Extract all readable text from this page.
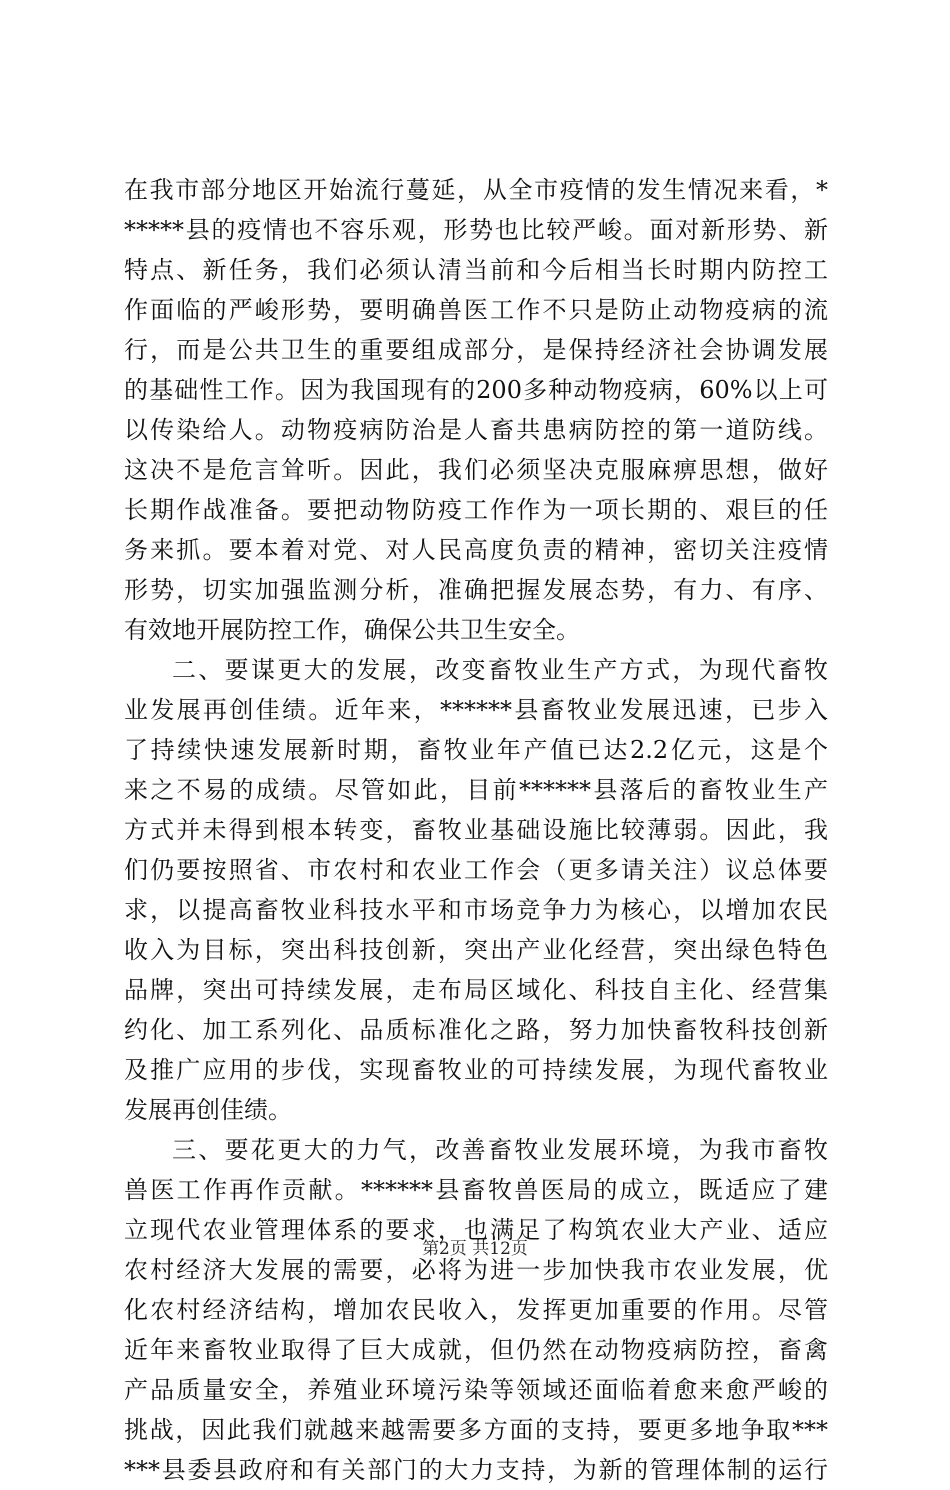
在我市部分地区开始流行蔓延，从全市疫情的发生情况来看，*
*****县的疫情也不容乐观，形势也比较严峻。面对新形势、新
特点、新任务，我们必须认清当前和今后相当长时期内防控工
作面临的严峻形势，要明确兽医工作不只是防止动物疫病的流
行，而是公共卫生的重要组成部分，是保持经济社会协调发展
的基础性工作。因为我国现有的200多种动物疫病，60%以上可
以传染给人。动物疫病防治是人畜共患病防控的第一道防线。
这决不是危言耸听。因此，我们必须坚决克服麻痹思想，做好
长期作战准备。要把动物防疫工作作为一项长期的、艰巨的任
务来抓。要本着对党、对人民高度负责的精神，密切关注疫情
形势，切实加强监测分析，准确把握发展态势，有力、有序、
有效地开展防控工作，确保公共卫生安全。
二、要谋更大的发展，改变畜牧业生产方式，为现代畜牧
业发展再创佳绩。近年来，******县畜牧业发展迅速，已步入
了持续快速发展新时期，畜牧业年产值已达2.2亿元，这是个
来之不易的成绩。尽管如此，目前******县落后的畜牧业生产
方式并未得到根本转变，畜牧业基础设施比较薄弱。因此，我
们仍要按照省、市农村和农业工作会（更多请关注）议总体要
求，以提高畜牧业科技水平和市场竞争力为核心，以增加农民
收入为目标，突出科技创新，突出产业化经营，突出绿色特色
品牌，突出可持续发展，走布局区域化、科技自主化、经营集
约化、加工系列化、品质标准化之路，努力加快畜牧科技创新
及推广应用的步伐，实现畜牧业的可持续发展，为现代畜牧业
发展再创佳绩。
三、要花更大的力气，改善畜牧业发展环境，为我市畜牧
兽医工作再作贡献。******县畜牧兽医局的成立，既适应了建
立现代农业管理体系的要求，也满足了构筑农业大产业、适应
农村经济大发展的需要，必将为进一步加快我市农业发展，优
化农村经济结构，增加农民收入，发挥更加重要的作用。尽管
近年来畜牧业取得了巨大成就，但仍然在动物疫病防控，畜禽
产品质量安全，养殖业环境污染等领域还面临着愈来愈严峻的
挑战，因此我们就越来越需要多方面的支持，要更多地争取***
***县委县政府和有关部门的大力支持，为新的管理体制的运行
第2页 共12页
